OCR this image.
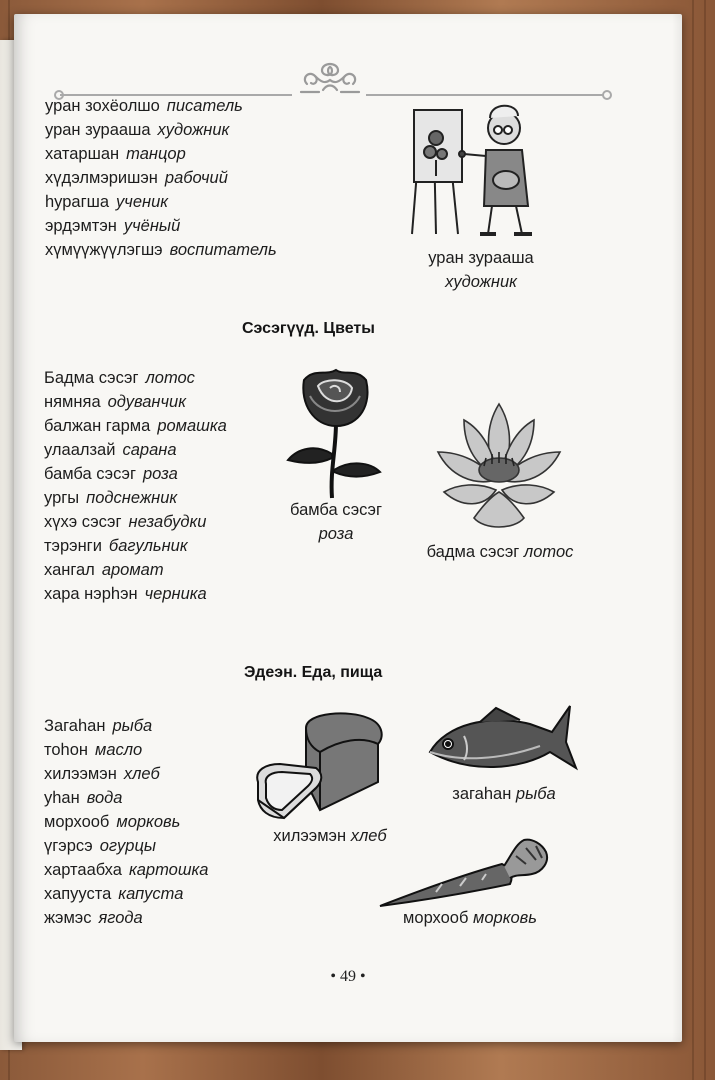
уран зохёолшо писатель
уран зурааша художник
хатаршан танцор
хүдэлмэришэн рабочий
һурагша ученик
эрдэмтэн учёный
хүмүүжүүлэгшэ воспитатель	уран зурааша
художник
Сэсэгүүд. Цветы
Бадма сэсэг лотос
нямняа одуванчик
балжан гарма ромашка
улаалзай сарана
бамба сэсэг роза
ургы подснежник
хүхэ сэсэг незабудки
тэрэнги багульник
хангал аромат
хара нэрһэн черника
бамба сэсэг
роза
бадма сэсэг лотос
Эдеэн. Еда, пища
Загаһан рыба
тоһон масло
хилээмэн хлеб
уһан вода
морхооб морковь
үгэрсэ огурцы
хартаабха картошка
хапууста капуста
жэмэс ягода
хилээмэн хлеб
загаһан рыба
морхооб морковь
• 49 •
